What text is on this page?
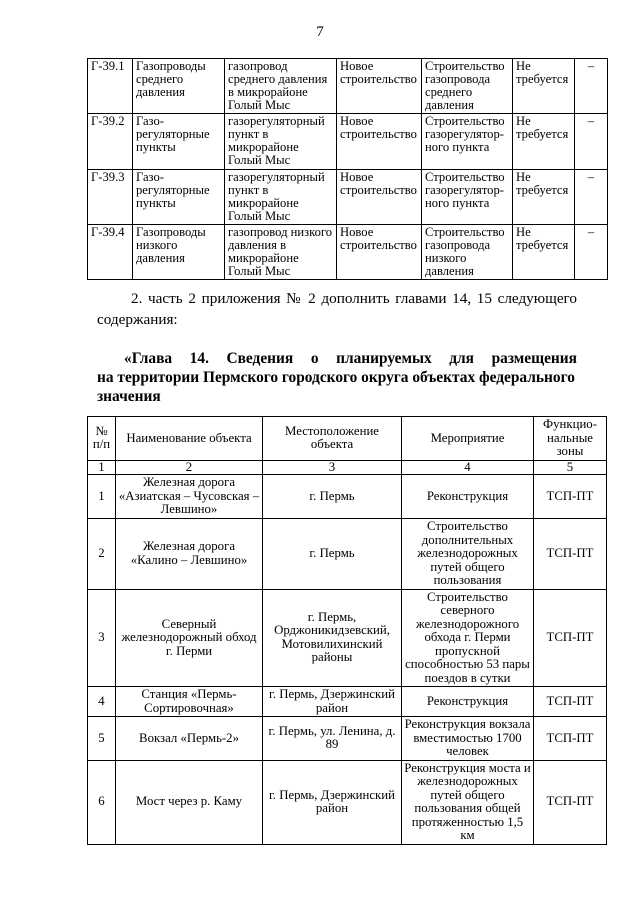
7
Г-39.1	Газопроводы среднего давления	газопровод среднего давления в микрорайоне Голый Мыс	Новое строительство	Строительство газопровода среднего давления	Не требуется	–
Г-39.2	Газо-регуляторные пункты	газорегуляторный пункт в микрорайоне Голый Мыс	Новое строительство	Строительство газорегулятор-ного пункта	Не требуется	–
Г-39.3	Газо-регуляторные пункты	газорегуляторный пункт в микрорайоне Голый Мыс	Новое строительство	Строительство газорегулятор-ного пункта	Не требуется	–
Г-39.4	Газопроводы низкого давления	газопровод низкого давления в микрорайоне Голый Мыс	Новое строительство	Строительство газопровода низкого давления	Не требуется	–
2. часть 2 приложения № 2 дополнить главами 14, 15 следующего содержания:
«Глава 14. Сведения о планируемых для размещения
на территории Пермского городского округа объектах федерального значения
№ п/п	Наименование объекта	Местоположение объекта	Мероприятие	Функцио-нальные зоны
1	2	3	4	5
1	Железная дорога «Азиатская – Чусовская – Левшино»	г. Пермь	Реконструкция	ТСП-ПТ
2	Железная дорога «Калино – Левшино»	г. Пермь	Строительство дополнительных железнодорожных путей общего пользования	ТСП-ПТ
3	Северный железнодорожный обход г. Перми	г. Пермь, Орджоникидзевский, Мотовилихинский районы	Строительство северного железнодорожного обхода г. Перми пропускной способностью 53 пары поездов в сутки	ТСП-ПТ
4	Станция «Пермь-Сортировочная»	г. Пермь, Дзержинский район	Реконструкция	ТСП-ПТ
5	Вокзал «Пермь-2»	г. Пермь, ул. Ленина, д. 89	Реконструкция вокзала вместимостью 1700 человек	ТСП-ПТ
6	Мост через р. Каму	г. Пермь, Дзержинский район	Реконструкция моста и железнодорожных путей общего пользования общей протяженностью 1,5 км	ТСП-ПТ
